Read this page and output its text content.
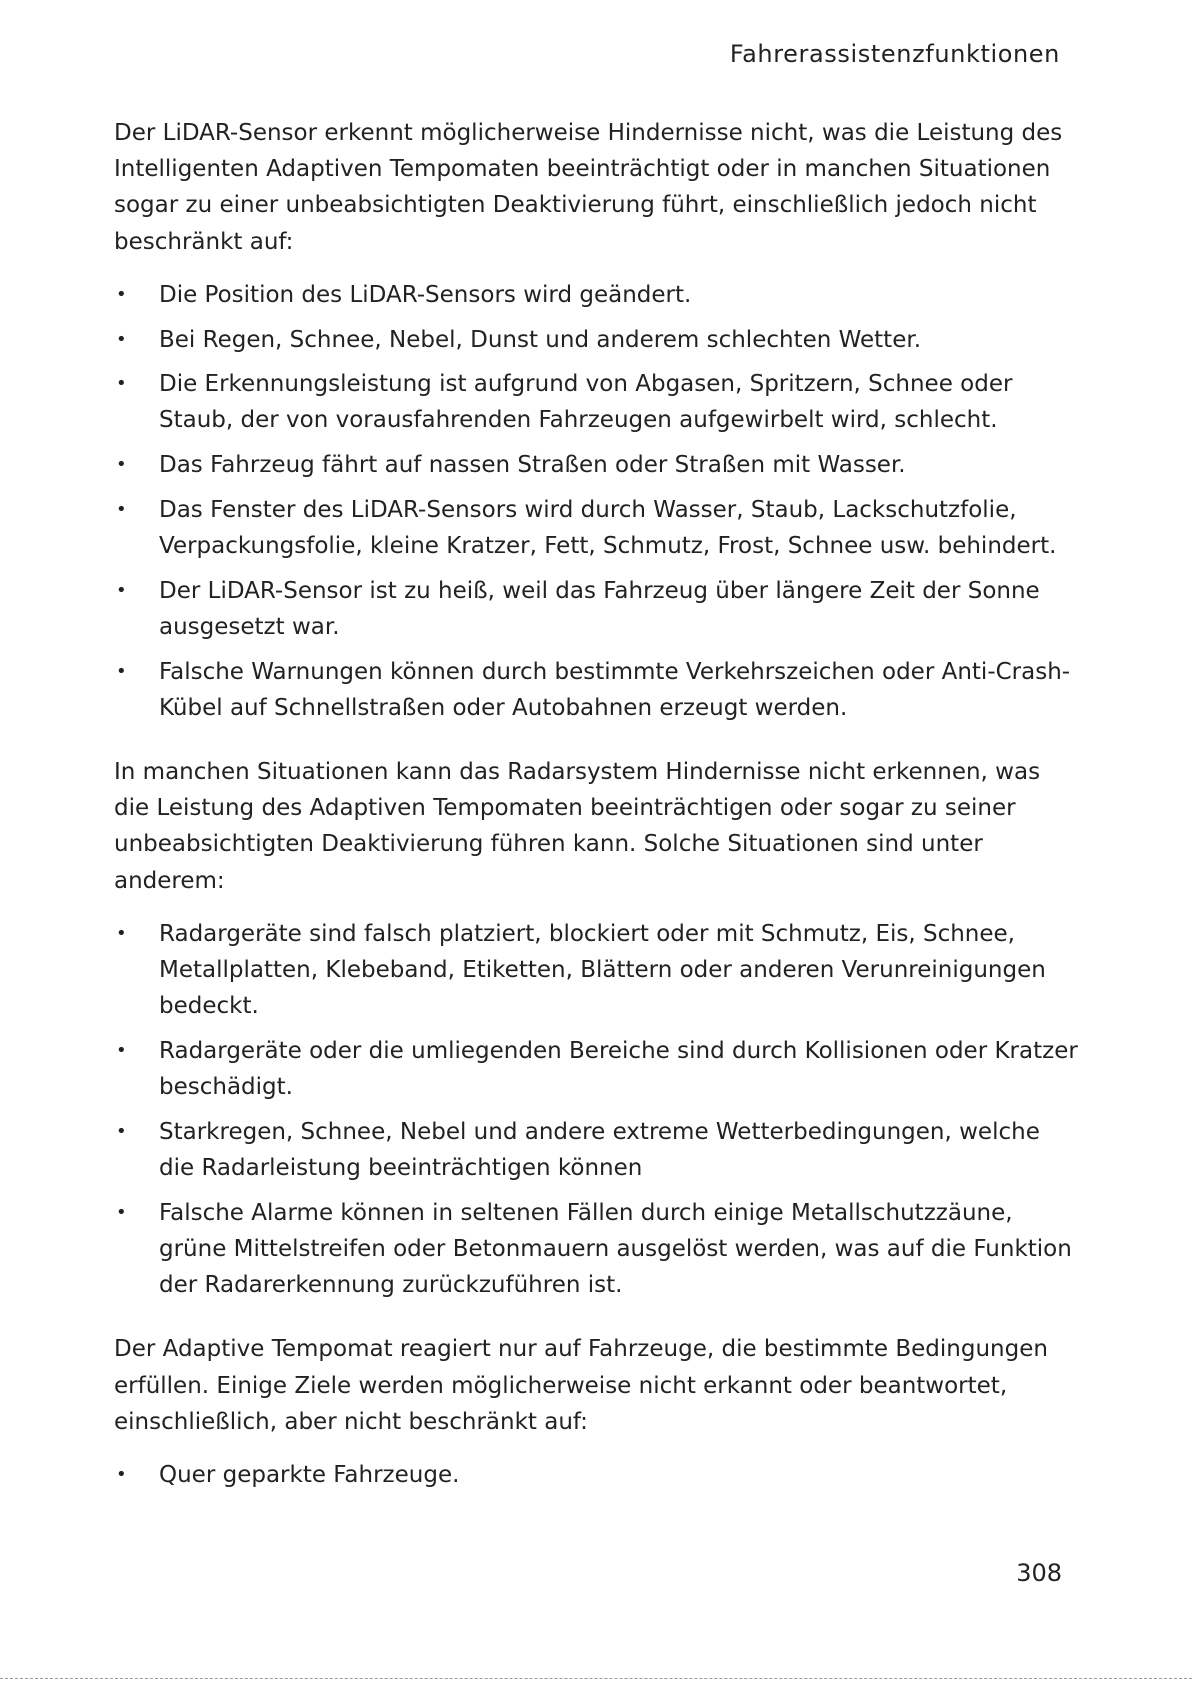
Fahrerassistenzfunktionen

Der LiDAR-Sensor erkennt möglicherweise Hindernisse nicht, was die Leistung des Intelligenten Adaptiven Tempomaten beeinträchtigt oder in manchen Situationen sogar zu einer unbeabsichtigten Deaktivierung führt, einschließlich jedoch nicht beschränkt auf:

• Die Position des LiDAR-Sensors wird geändert.
• Bei Regen, Schnee, Nebel, Dunst und anderem schlechten Wetter.
• Die Erkennungsleistung ist aufgrund von Abgasen, Spritzern, Schnee oder Staub, der von vorausfahrenden Fahrzeugen aufgewirbelt wird, schlecht.
• Das Fahrzeug fährt auf nassen Straßen oder Straßen mit Wasser.
• Das Fenster des LiDAR-Sensors wird durch Wasser, Staub, Lackschutzfolie, Verpackungsfolie, kleine Kratzer, Fett, Schmutz, Frost, Schnee usw. behindert.
• Der LiDAR-Sensor ist zu heiß, weil das Fahrzeug über längere Zeit der Sonne ausgesetzt war.
• Falsche Warnungen können durch bestimmte Verkehrszeichen oder Anti-Crash-Kübel auf Schnellstraßen oder Autobahnen erzeugt werden.

In manchen Situationen kann das Radarsystem Hindernisse nicht erkennen, was die Leistung des Adaptiven Tempomaten beeinträchtigen oder sogar zu seiner unbeabsichtigten Deaktivierung führen kann. Solche Situationen sind unter anderem:

• Radargeräte sind falsch platziert, blockiert oder mit Schmutz, Eis, Schnee, Metallplatten, Klebeband, Etiketten, Blättern oder anderen Verunreinigungen bedeckt.
• Radargeräte oder die umliegenden Bereiche sind durch Kollisionen oder Kratzer beschädigt.
• Starkregen, Schnee, Nebel und andere extreme Wetterbedingungen, welche die Radarleistung beeinträchtigen können
• Falsche Alarme können in seltenen Fällen durch einige Metallschutzzäune, grüne Mittelstreifen oder Betonmauern ausgelöst werden, was auf die Funktion der Radarerkennung zurückzuführen ist.

Der Adaptive Tempomat reagiert nur auf Fahrzeuge, die bestimmte Bedingungen erfüllen. Einige Ziele werden möglicherweise nicht erkannt oder beantwortet, einschließlich, aber nicht beschränkt auf:

• Quer geparkte Fahrzeuge.
308
